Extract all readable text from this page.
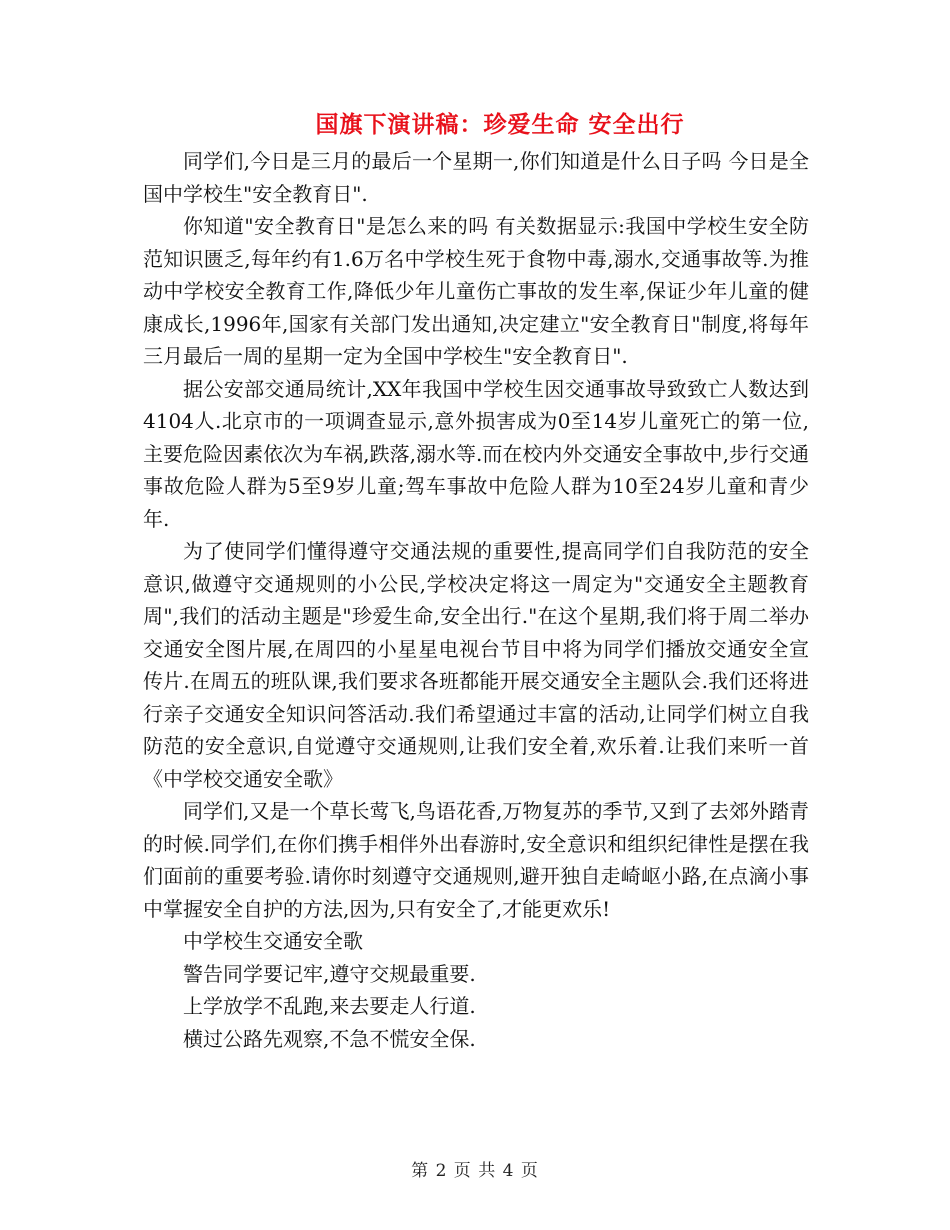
国旗下演讲稿：珍爱生命 安全出行

同学们,今日是三月的最后一个星期一,你们知道是什么日子吗 今日是全国中学校生"安全教育日".

你知道"安全教育日"是怎么来的吗 有关数据显示:我国中学校生安全防范知识匮乏,每年约有1.6万名中学校生死于食物中毒,溺水,交通事故等.为推动中学校安全教育工作,降低少年儿童伤亡事故的发生率,保证少年儿童的健康成长,1996年,国家有关部门发出通知,决定建立"安全教育日"制度,将每年三月最后一周的星期一定为全国中学校生"安全教育日".

据公安部交通局统计,XX年我国中学校生因交通事故导致致亡人数达到4104人.北京市的一项调查显示,意外损害成为0至14岁儿童死亡的第一位,主要危险因素依次为车祸,跌落,溺水等.而在校内外交通安全事故中,步行交通事故危险人群为5至9岁儿童;驾车事故中危险人群为10至24岁儿童和青少年.

为了使同学们懂得遵守交通法规的重要性,提高同学们自我防范的安全意识,做遵守交通规则的小公民,学校决定将这一周定为"交通安全主题教育周",我们的活动主题是"珍爱生命,安全出行."在这个星期,我们将于周二举办交通安全图片展,在周四的小星星电视台节目中将为同学们播放交通安全宣传片.在周五的班队课,我们要求各班都能开展交通安全主题队会.我们还将进行亲子交通安全知识问答活动.我们希望通过丰富的活动,让同学们树立自我防范的安全意识,自觉遵守交通规则,让我们安全着,欢乐着.让我们来听一首《中学校交通安全歌》

同学们,又是一个草长莺飞,鸟语花香,万物复苏的季节,又到了去郊外踏青的时候.同学们,在你们携手相伴外出春游时,安全意识和组织纪律性是摆在我们面前的重要考验.请你时刻遵守交通规则,避开独自走崎岖小路,在点滴小事中掌握安全自护的方法,因为,只有安全了,才能更欢乐!

中学校生交通安全歌

警告同学要记牢,遵守交规最重要.

上学放学不乱跑,来去要走人行道.

横过公路先观察,不急不慌安全保.

第 2 页 共 4 页
